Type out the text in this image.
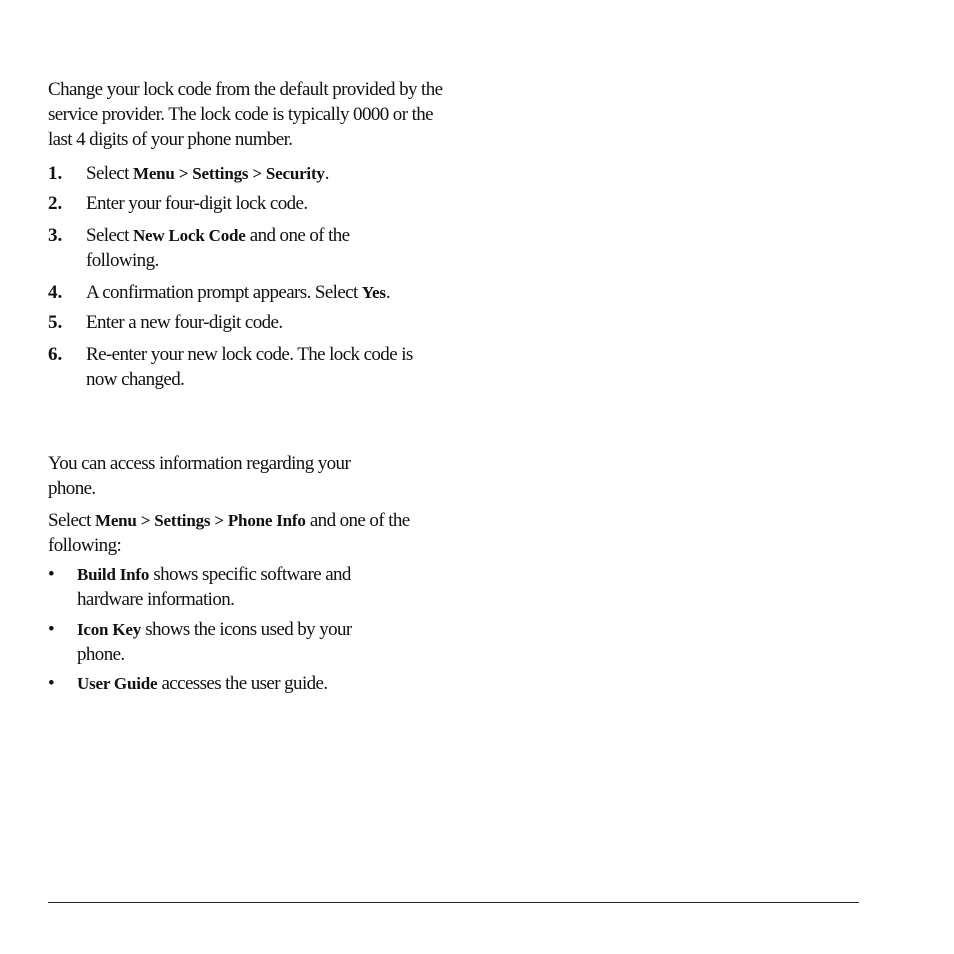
Change your lock code from the default provided by the service provider. The lock code is typically 0000 or the last 4 digits of your phone number.

1. Select Menu > Settings > Security.
2. Enter your four-digit lock code.
3. Select New Lock Code and one of the following.
4. A confirmation prompt appears. Select Yes.
5. Enter a new four-digit code.
6. Re-enter your new lock code. The lock code is now changed.

You can access information regarding your phone.

Select Menu > Settings > Phone Info and one of the following:

• Build Info shows specific software and hardware information.
• Icon Key shows the icons used by your phone.
• User Guide accesses the user guide.
